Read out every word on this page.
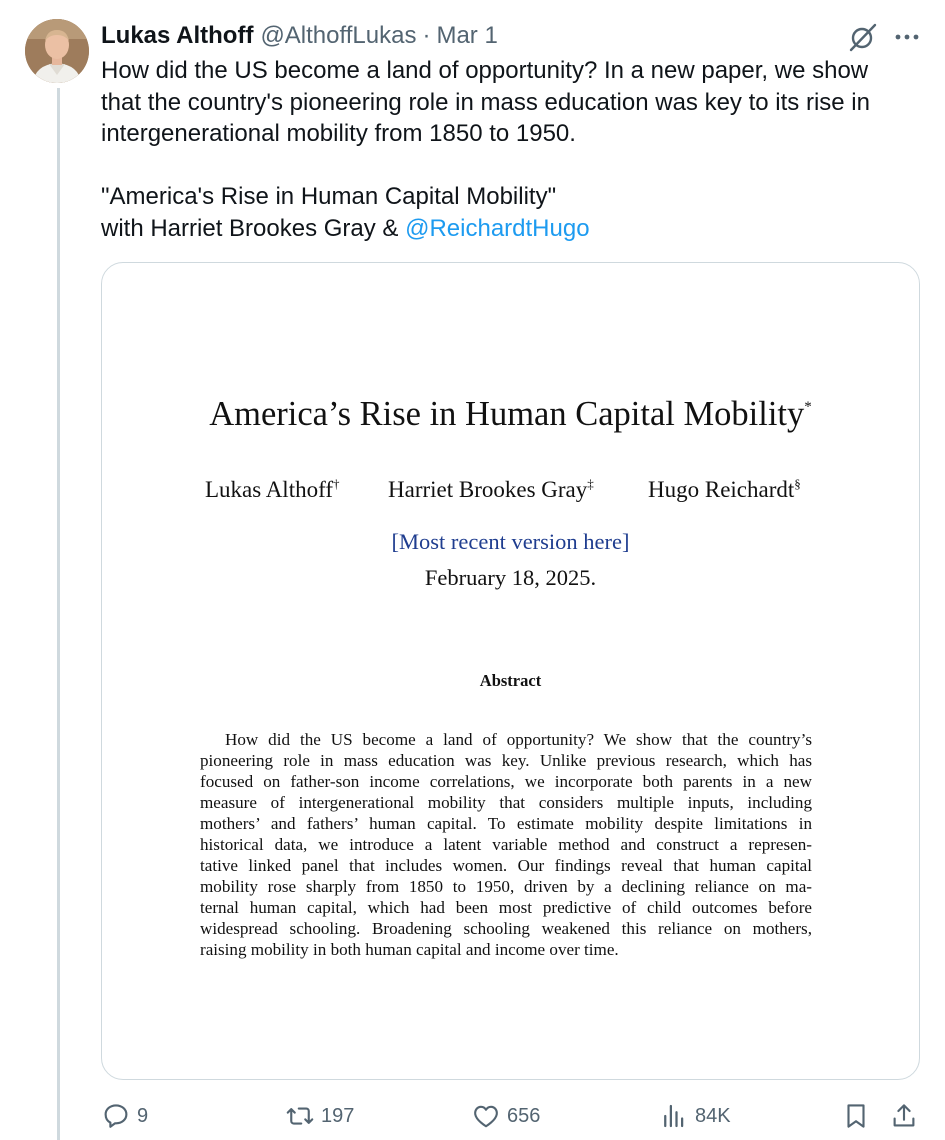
Lukas Althoff @AlthoffLukas · Mar 1

How did the US become a land of opportunity? In a new paper, we show that the country's pioneering role in mass education was key to its rise in intergenerational mobility from 1850 to 1950.

"America's Rise in Human Capital Mobility"

with Harriet Brookes Gray & @ReichardtHugo

America’s Rise in Human Capital Mobility*
Lukas Althoff† Harriet Brookes Gray‡ Hugo Reichardt§
[Most recent version here]
February 18, 2025.
Abstract
How did the US become a land of opportunity? We show that the country’s
pioneering role in mass education was key. Unlike previous research, which has
focused on father-son income correlations, we incorporate both parents in a new
measure of intergenerational mobility that considers multiple inputs, including
mothers’ and fathers’ human capital. To estimate mobility despite limitations in
historical data, we introduce a latent variable method and construct a represen-
tative linked panel that includes women. Our findings reveal that human capital
mobility rose sharply from 1850 to 1950, driven by a declining reliance on ma-
ternal human capital, which had been most predictive of child outcomes before
widespread schooling. Broadening schooling weakened this reliance on mothers,
raising mobility in both human capital and income over time.
9	197	656	84K
